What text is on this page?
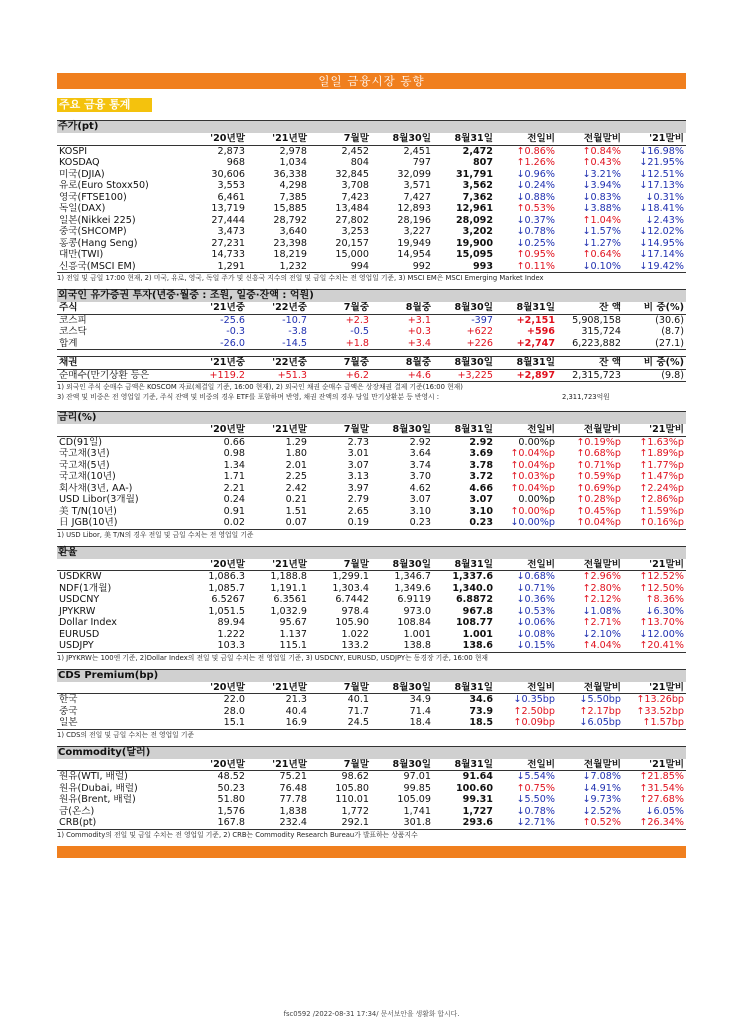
일일 금융시장 동향
주요 금융 통계
주가(pt)
	'20년말	'21년말	7월말	8월30일	8월31일	전일비	전월말비	'21말비
KOSPI	2,873	2,978	2,452	2,451	2,472	↑0.86%	↑0.84%	↓16.98%
KOSDAQ	968	1,034	804	797	807	↑1.26%	↑0.43%	↓21.95%
미국(DJIA)	30,606	36,338	32,845	32,099	31,791	↓0.96%	↓3.21%	↓12.51%
유로(Euro Stoxx50)	3,553	4,298	3,708	3,571	3,562	↓0.24%	↓3.94%	↓17.13%
영국(FTSE100)	6,461	7,385	7,423	7,427	7,362	↓0.88%	↓0.83%	↓0.31%
독일(DAX)	13,719	15,885	13,484	12,893	12,961	↑0.53%	↓3.88%	↓18.41%
일본(Nikkei 225)	27,444	28,792	27,802	28,196	28,092	↓0.37%	↑1.04%	↓2.43%
중국(SHCOMP)	3,473	3,640	3,253	3,227	3,202	↓0.78%	↓1.57%	↓12.02%
홍콩(Hang Seng)	27,231	23,398	20,157	19,949	19,900	↓0.25%	↓1.27%	↓14.95%
대만(TWI)	14,733	18,219	15,000	14,954	15,095	↑0.95%	↑0.64%	↓17.14%
신흥국(MSCI EM)	1,291	1,232	994	992	993	↑0.11%	↓0.10%	↓19.42%
1) 전일 및 금일 17:00 현재, 2) 미국, 유로, 영국, 독일 주가 및 신흥국 지수의 전일 및 금일 수치는 전 영업일 기준, 3) MSCI EM은 MSCI Emerging Market Index
외국인 유가증권 투자(년중·월중 : 조원, 일중·잔액 : 억원)
주식	'21년중	'22년중	7월중	8월중	8월30일	8월31일	잔 액	비 중(%)
코스피	-25.6	-10.7	+2.3	+3.1	-397	+2,151	5,908,158	(30.6)
코스닥	-0.3	-3.8	-0.5	+0.3	+622	+596	315,724	(8.7)
합계	-26.0	-14.5	+1.8	+3.4	+226	+2,747	6,223,882	(27.1)
채권	'21년중	'22년중	7월중	8월중	8월30일	8월31일	잔 액	비 중(%)
순매수(만기상환 등은	+119.2	+51.3	+6.2	+4.6	+3,225	+2,897	2,315,723	(9.8)
1) 외국인 주식 순매수 금액은 KOSCOM 자료(체결일 기준, 16:00 현재), 2) 외국인 채권 순매수 금액은 상장채권 결제 기준(16:00 현재)
3) 잔액 및 비중은 전 영업일 기준, 주식 잔액 및 비중의 경우 ETF를 포함하며 반영, 채권 잔액의 경우 당일 만기상환분 등 반영시 :	2,311,723억원
금리(%)
	'20년말	'21년말	7월말	8월30일	8월31일	전일비	전월말비	'21말비
CD(91일)	0.66	1.29	2.73	2.92	2.92	0.00%p	↑0.19%p	↑1.63%p
국고채(3년)	0.98	1.80	3.01	3.64	3.69	↑0.04%p	↑0.68%p	↑1.89%p
국고채(5년)	1.34	2.01	3.07	3.74	3.78	↑0.04%p	↑0.71%p	↑1.77%p
국고채(10년)	1.71	2.25	3.13	3.70	3.72	↑0.03%p	↑0.59%p	↑1.47%p
회사채(3년, AA-)	2.21	2.42	3.97	4.62	4.66	↑0.04%p	↑0.69%p	↑2.24%p
USD Libor(3개월)	0.24	0.21	2.79	3.07	3.07	0.00%p	↑0.28%p	↑2.86%p
美 T/N(10년)	0.91	1.51	2.65	3.10	3.10	↑0.00%p	↑0.45%p	↑1.59%p
日 JGB(10년)	0.02	0.07	0.19	0.23	0.23	↓0.00%p	↑0.04%p	↑0.16%p
1) USD Libor, 美 T/N의 경우 전일 및 금일 수치는 전 영업일 기준
환율
	'20년말	'21년말	7월말	8월30일	8월31일	전일비	전월말비	'21말비
USDKRW	1,086.3	1,188.8	1,299.1	1,346.7	1,337.6	↓0.68%	↑2.96%	↑12.52%
NDF(1개월)	1,085.7	1,191.1	1,303.4	1,349.6	1,340.0	↓0.71%	↑2.80%	↑12.50%
USDCNY	6.5267	6.3561	6.7442	6.9119	6.8872	↓0.36%	↑2.12%	↑8.36%
JPYKRW	1,051.5	1,032.9	978.4	973.0	967.8	↓0.53%	↓1.08%	↓6.30%
Dollar Index	89.94	95.67	105.90	108.84	108.77	↓0.06%	↑2.71%	↑13.70%
EURUSD	1.222	1.137	1.022	1.001	1.001	↓0.08%	↓2.10%	↓12.00%
USDJPY	103.3	115.1	133.2	138.8	138.6	↓0.15%	↑4.04%	↑20.41%
1) JPYKRW는 100엔 기준, 2)Dollar Index의 전일 및 금일 수치는 전 영업일 기준, 3) USDCNY, EURUSD, USDJPY는 동경장 기준, 16:00 현재
CDS Premium(bp)
	'20년말	'21년말	7월말	8월30일	8월31일	전일비	전월말비	'21말비
한국	22.0	21.3	40.1	34.9	34.6	↓0.35bp	↓5.50bp	↑13.26bp
중국	28.0	40.4	71.7	71.4	73.9	↑2.50bp	↑2.17bp	↑33.52bp
일본	15.1	16.9	24.5	18.4	18.5	↑0.09bp	↓6.05bp	↑1.57bp
1) CDS의 전일 및 금일 수치는 전 영업일 기준
Commodity(달러)
	'20년말	'21년말	7월말	8월30일	8월31일	전일비	전월말비	'21말비
원유(WTI, 배럴)	48.52	75.21	98.62	97.01	91.64	↓5.54%	↓7.08%	↑21.85%
원유(Dubai, 배럴)	50.23	76.48	105.80	99.85	100.60	↑0.75%	↓4.91%	↑31.54%
원유(Brent, 배럴)	51.80	77.78	110.01	105.09	99.31	↓5.50%	↓9.73%	↑27.68%
금(온스)	1,576	1,838	1,772	1,741	1,727	↓0.78%	↓2.52%	↓6.05%
CRB(pt)	167.8	232.4	292.1	301.8	293.6	↓2.71%	↑0.52%	↑26.34%
1) Commodity의 전일 및 금일 수치는 전 영업일 기준, 2) CRB는 Commodity Research Bureau가 발표하는 상품지수
fsc0592 /2022-08-31 17:34/ 문서보안을 생활화 합시다.
